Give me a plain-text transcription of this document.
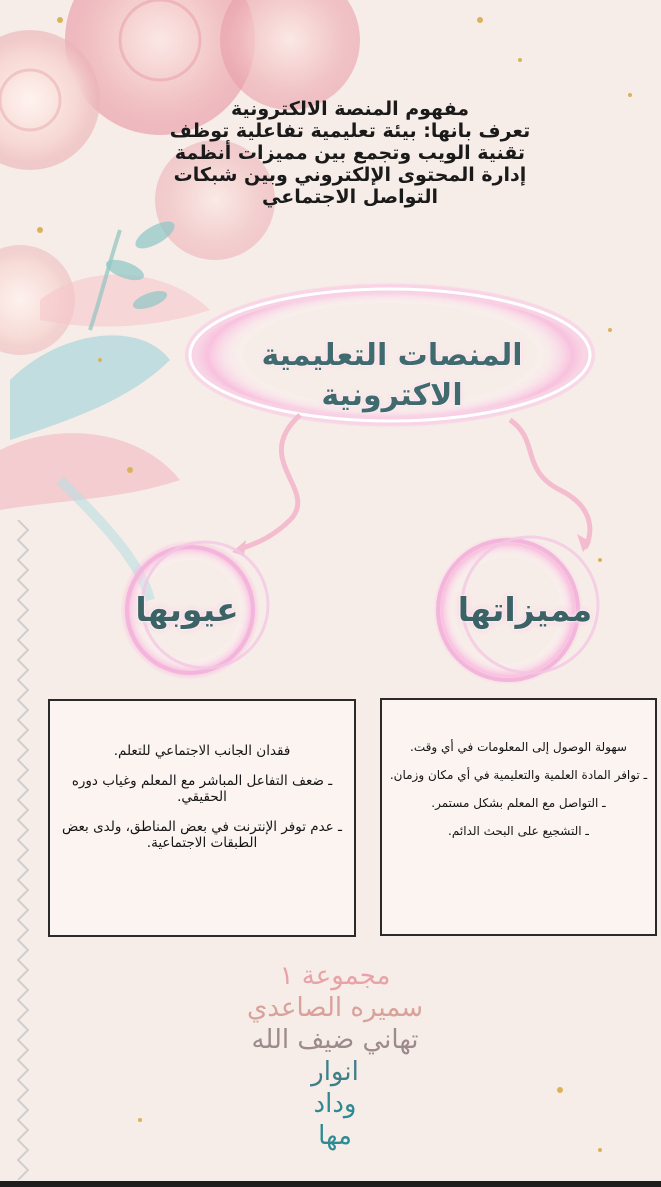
مفهوم المنصة الالكترونية
تعرف بانها: بيئة تعليمية تفاعلية توظف
تقنية الويب وتجمع بين مميزات أنظمة
إدارة المحتوى الإلكتروني وبين شبكات
التواصل الاجتماعي
المنصات التعليمية الاكترونية
عيوبها	مميزاتها

سهولة الوصول إلى المعلومات في أي وقت.

ـ توافر المادة العلمية والتعليمية في أي مكان وزمان.

ـ التواصل مع المعلم بشكل مستمر.

ـ التشجيع على البحث الدائم.

فقدان الجانب الاجتماعي للتعلم.

ـ ضعف التفاعل المباشر مع المعلم وغياب دوره الحقيقي.

ـ عدم توفر الإنترنت في بعض المناطق، ولدى بعض الطبقات الاجتماعية.

مجموعة ١
سميره الصاعدي
تهاني ضيف الله
انوار
وداد
مها
